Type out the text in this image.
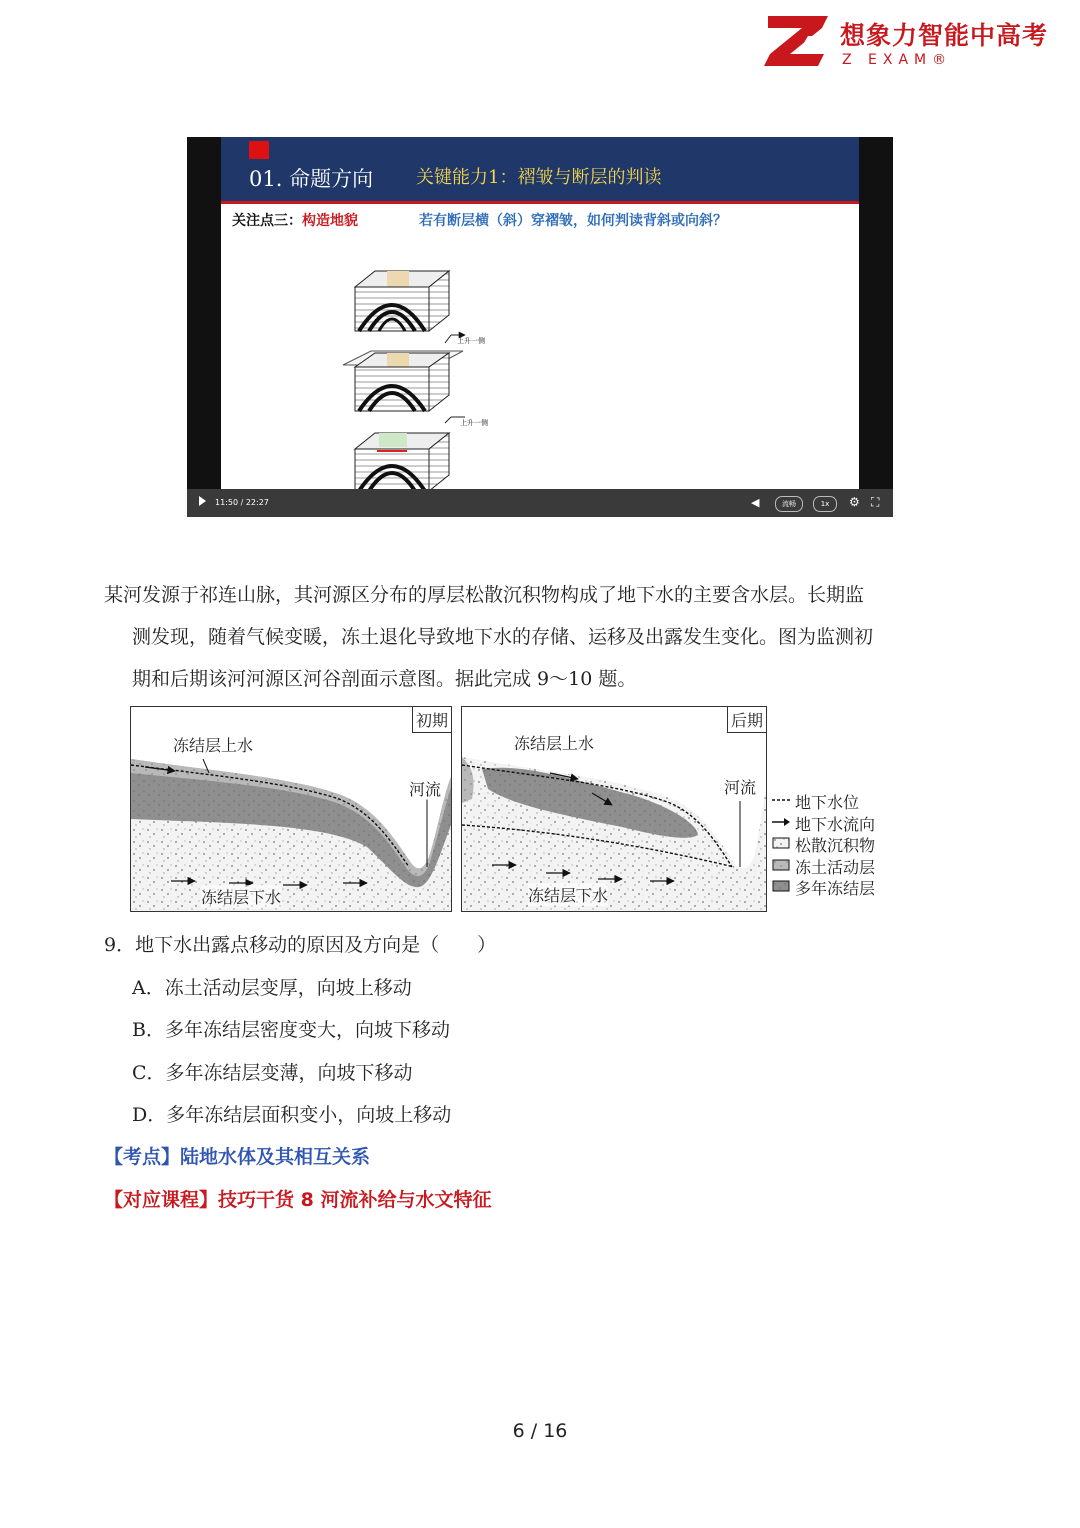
想象力智能中高考
Z EXAM®
01. 命题方向 关键能力1：褶皱与断层的判读
关注点三：构造地貌	若有断层横（斜）穿褶皱，如何判读背斜或向斜？
上升一侧
上升一侧
11:50 / 22:27	◀︎	流畅	1x	⚙ ⛶
某河发源于祁连山脉，其河源区分布的厚层松散沉积物构成了地下水的主要含水层。长期监
测发现，随着气候变暖，冻土退化导致地下水的存储、运移及出露发生变化。图为监测初
期和后期该河河源区河谷剖面示意图。据此完成 9～10 题。
初期
冻结层上水
河流
冻结层下水
后期
冻结层上水
河流
冻结层下水
地下水位
地下水流向
松散沉积物
冻土活动层
多年冻结层
9．地下水出露点移动的原因及方向是（　　）
A．冻土活动层变厚，向坡上移动
B．多年冻结层密度变大，向坡下移动
C．多年冻结层变薄，向坡下移动
D．多年冻结层面积变小，向坡上移动
【考点】陆地水体及其相互关系
【对应课程】技巧干货 8 河流补给与水文特征
6 / 16
